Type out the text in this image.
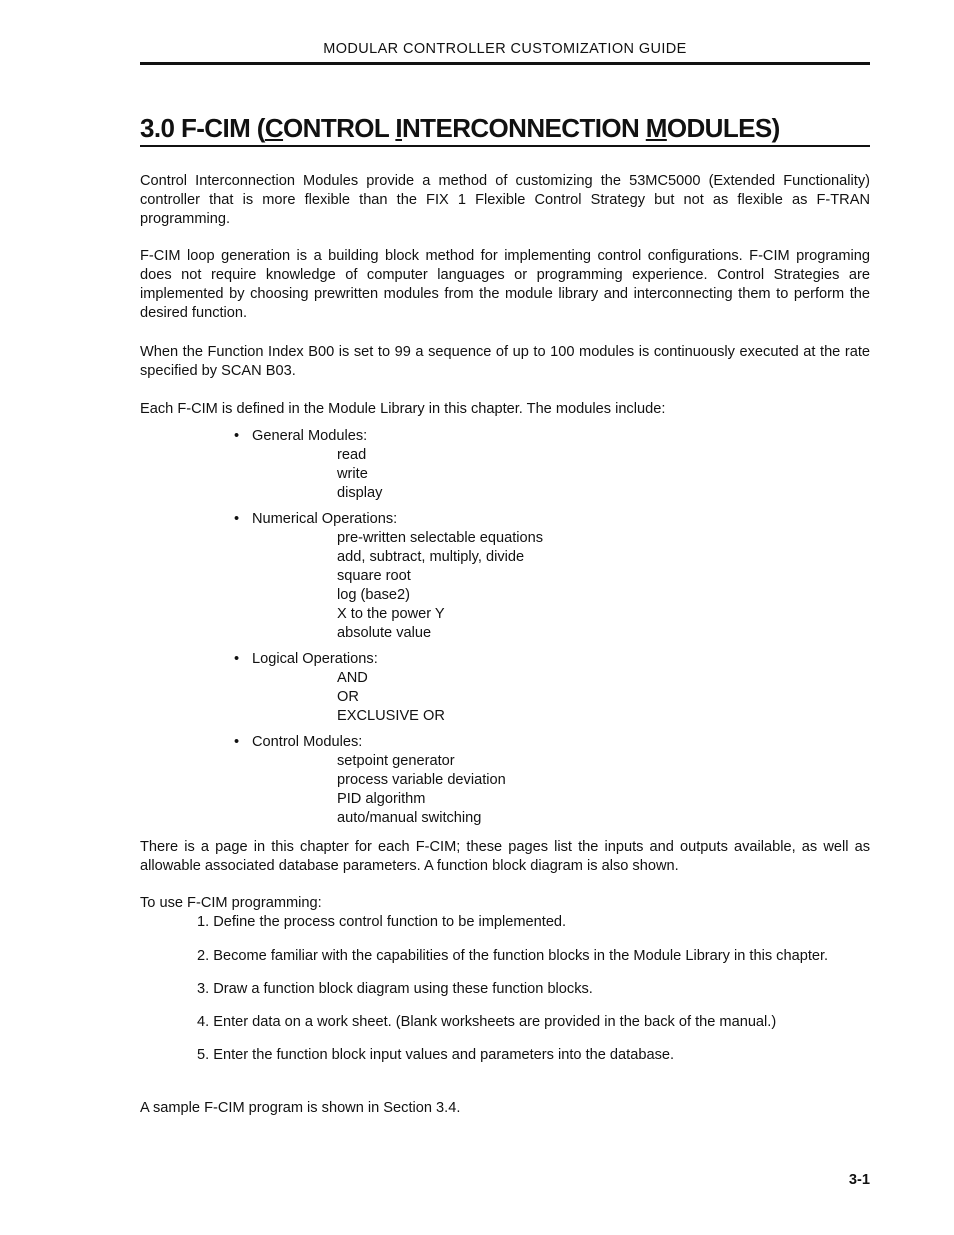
MODULAR CONTROLLER CUSTOMIZATION GUIDE
3.0 F-CIM (CONTROL INTERCONNECTION MODULES)

Control Interconnection Modules provide a method of customizing the 53MC5000 (Extended Functionality) controller that is more flexible than the FIX 1 Flexible Control Strategy but not as flexible as F-TRAN programming.

F-CIM loop generation is a building block method for implementing control configurations. F-CIM programing does not require knowledge of computer languages or programming experience. Control Strategies are implemented by choosing prewritten modules from the module library and interconnecting them to perform the desired function.

When the Function Index B00 is set to 99 a sequence of up to 100 modules is continuously executed at the rate specified by SCAN B03.

Each F-CIM is defined in the Module Library in this chapter. The modules include:

• General Modules:
read
write
display
• Numerical Operations:
pre-written selectable equations
add, subtract, multiply, divide
square root
log (base2)
X to the power Y
absolute value
• Logical Operations:
AND
OR
EXCLUSIVE OR
• Control Modules:
setpoint generator
process variable deviation
PID algorithm
auto/manual switching

There is a page in this chapter for each F-CIM; these pages list the inputs and outputs available, as well as allowable associated database parameters. A function block diagram is also shown.

To use F-CIM programming:

1. Define the process control function to be implemented.
2. Become familiar with the capabilities of the function blocks in the Module Library in this chapter.
3. Draw a function block diagram using these function blocks.
4. Enter data on a work sheet. (Blank worksheets are provided in the back of the manual.)
5. Enter the function block input values and parameters into the database.

A sample F-CIM program is shown in Section 3.4.

3-1
